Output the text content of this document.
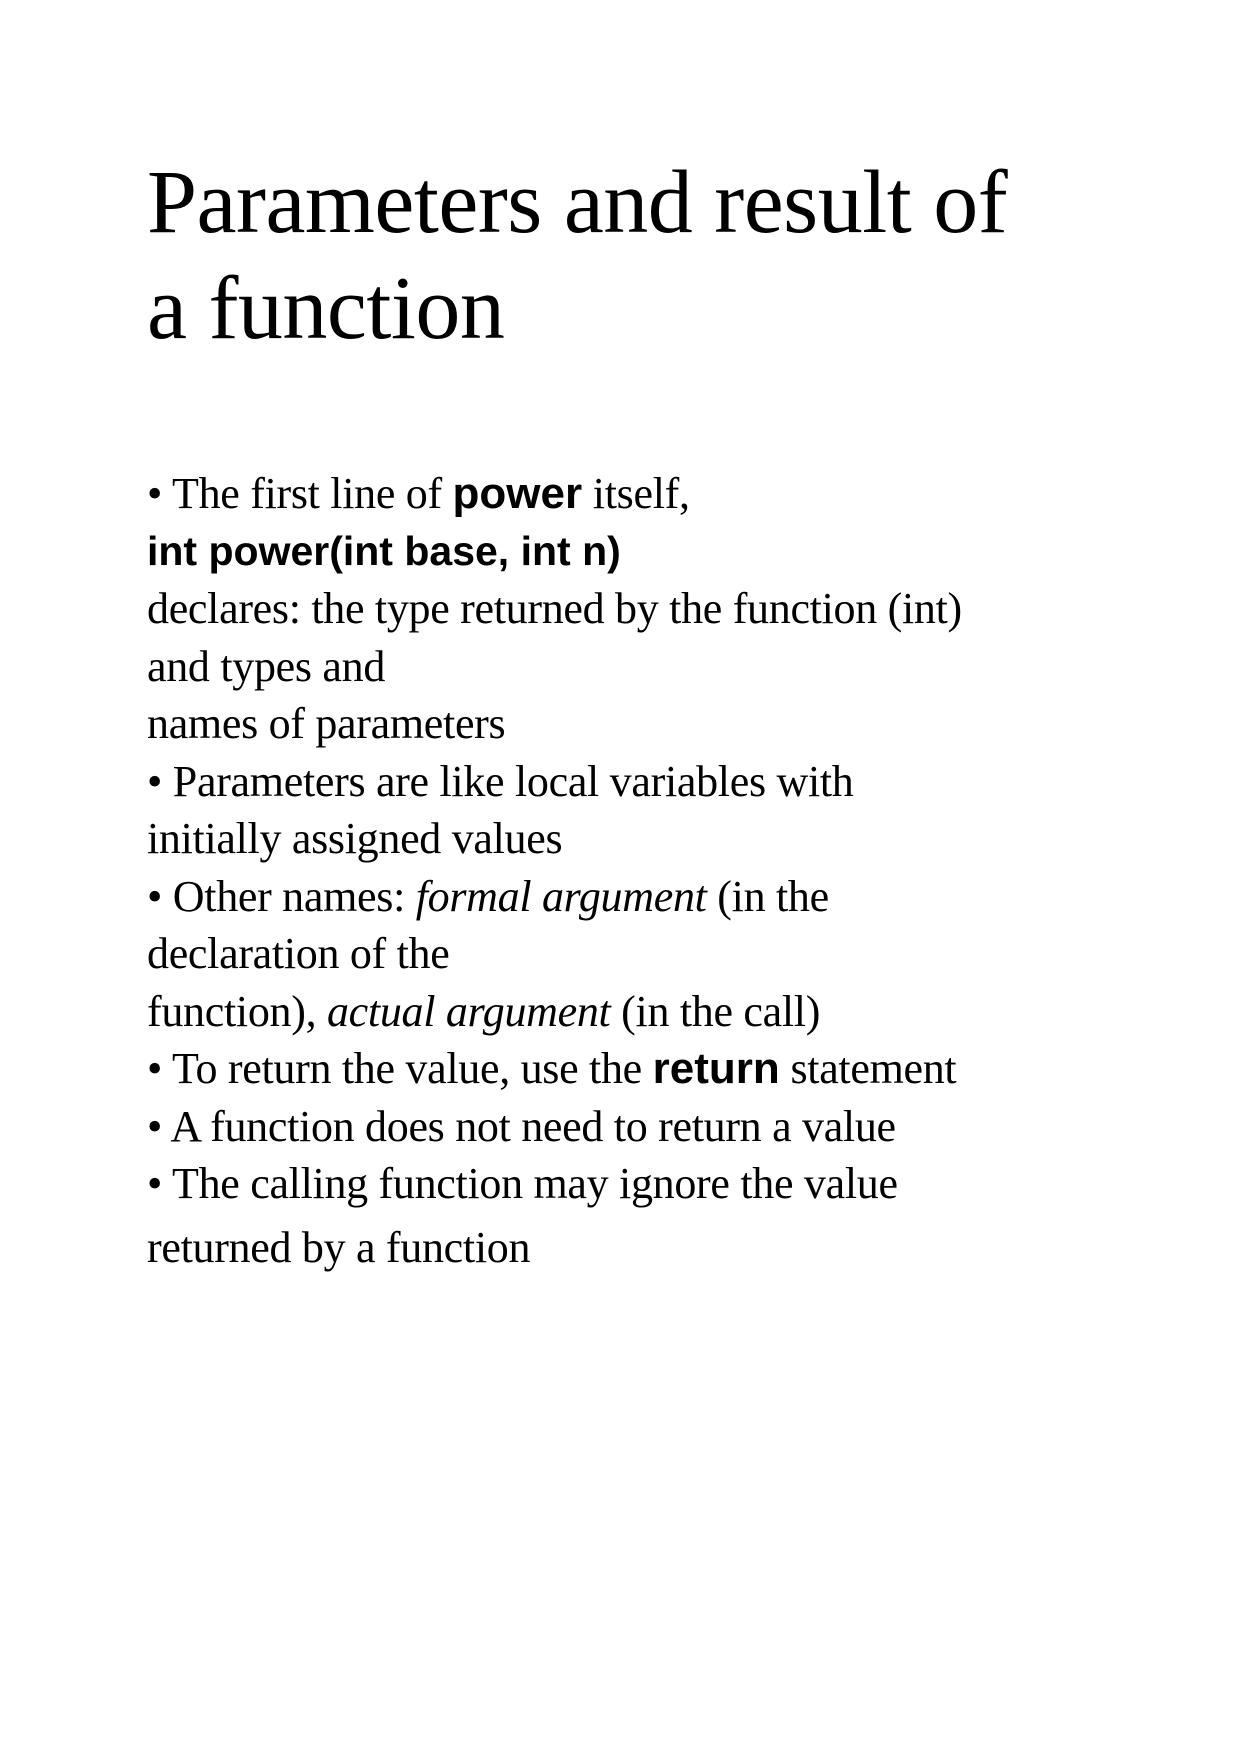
Parameters and result of
a function
• The first line of power itself,
int power(int base, int n)
declares: the type returned by the function (int)
and types and
names of parameters
• Parameters are like local variables with
initially assigned values
• Other names: formal argument (in the
declaration of the
function), actual argument (in the call)
• To return the value, use the return statement
• A function does not need to return a value
• The calling function may ignore the value
returned by a function
